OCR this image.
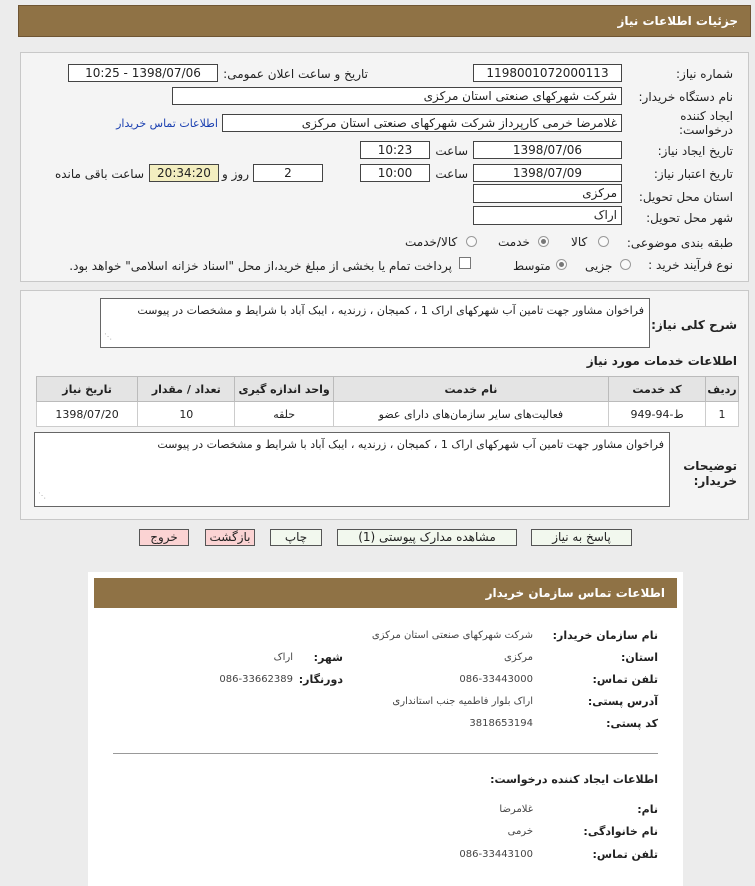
جزئیات اطلاعات نیاز
شماره نیاز:
1198001072000113
تاریخ و ساعت اعلان عمومی:
1398/07/06 - 10:25
نام دستگاه خریدار:
شرکت شهرکهای صنعتی استان مرکزی
ایجاد کننده
درخواست:
غلامرضا خرمی کارپرداز شرکت شهرکهای صنعتی استان مرکزی
اطلاعات تماس خریدار
تاریخ ایجاد نیاز:
1398/07/06
ساعت
10:23
تاریخ اعتبار نیاز:
1398/07/09
ساعت
10:00
2
روز و
20:34:20
ساعت باقی مانده
استان محل تحویل:
مرکزی
شهر محل تحویل:
اراک
طبقه بندی موضوعی:
کالا
خدمت
کالا/خدمت
نوع فرآیند خرید :
جزیی
متوسط
پرداخت تمام یا بخشی از مبلغ خرید،از محل "اسناد خزانه اسلامی" خواهد بود.
شرح کلی نیاز:
فراخوان مشاور جهت تامین آب شهرکهای اراک 1 ، کمیجان ، زرندیه ، ایبک آباد با شرایط و مشخصات در پیوست
⋰
اطلاعات خدمات مورد نیاز
ردیف	کد خدمت	نام خدمت	واحد اندازه گیری	تعداد / مقدار	تاریخ نیاز
1	ط-94-949	فعالیت‌های سایر سازمان‌های دارای عضو	حلقه	10	1398/07/20
توضیحات
خریدار:
فراخوان مشاور جهت تامین آب شهرکهای اراک 1 ، کمیجان ، زرندیه ، ایبک آباد با شرایط و مشخصات در پیوست
⋰
پاسخ به نیاز
مشاهده مدارک پیوستی (1)
چاپ
بازگشت
خروج
اطلاعات تماس سازمان خریدار
نام سازمان خریدار:
شرکت شهرکهای صنعتی استان مرکزی
استان:
مرکزی
شهر:
اراک
تلفن تماس:
086-33443000
دورنگار:
086-33662389
آدرس پستی:
اراک بلوار فاطمیه جنب استانداری
کد پستی:
3818653194
اطلاعات ایجاد کننده درخواست:
نام:
غلامرضا
نام خانوادگی:
خرمی
تلفن تماس:
086-33443100
